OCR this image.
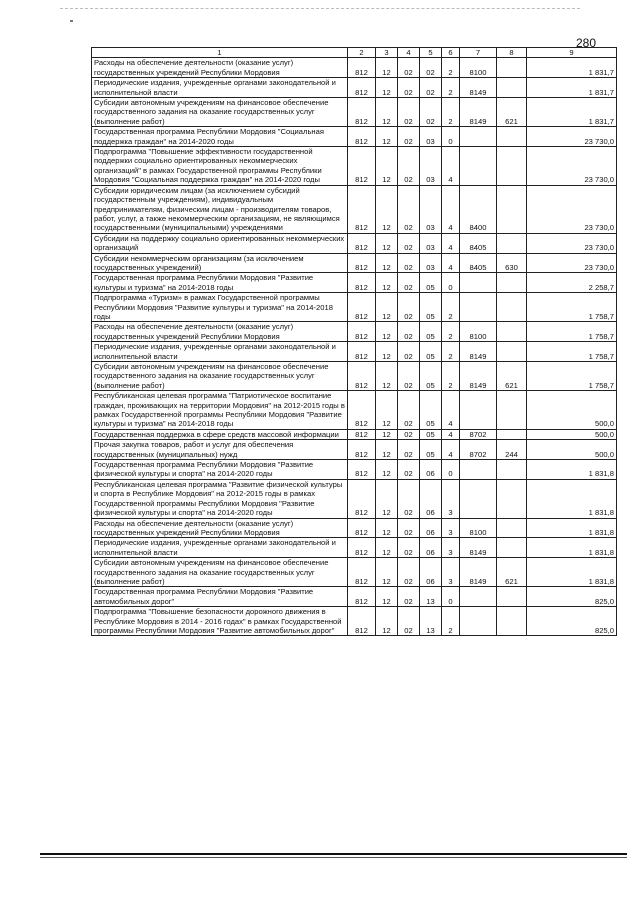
280
1	2	3	4	5	6	7	8	9
Расходы на обеспечение деятельности (оказание услуг) государственных учреждений Республики Мордовия	812	12	02	02	2	8100		1 831,7
Периодические издания, учрежденные органами законодательной и исполнительной власти	812	12	02	02	2	8149		1 831,7
Субсидии автономным учреждениям на финансовое обеспечение государственного задания на оказание государственных услуг (выполнение работ)	812	12	02	02	2	8149	621	1 831,7
Государственная программа Республики Мордовия "Социальная поддержка граждан" на 2014-2020 годы	812	12	02	03	0			23 730,0
Подпрограмма "Повышение эффективности государственной поддержки социально ориентированных некоммерческих организаций" в рамках Государственной программы Республики Мордовия "Социальная поддержка граждан" на 2014-2020 годы	812	12	02	03	4			23 730,0
Субсидии юридическим лицам (за исключением субсидий государственным учреждениям), индивидуальным предпринимателям, физическим лицам - производителям товаров, работ, услуг, а также некоммерческим организациям, не являющимся государственными (муниципальными) учреждениями	812	12	02	03	4	8400		23 730,0
Субсидии на поддержку социально ориентированных некоммерческих организаций	812	12	02	03	4	8405		23 730,0
Субсидии некоммерческим организациям (за исключением государственных учреждений)	812	12	02	03	4	8405	630	23 730,0
Государственная программа Республики Мордовия "Развитие культуры и туризма" на 2014-2018 годы	812	12	02	05	0			2 258,7
Подпрограмма «Туризм» в рамках Государственной программы Республики Мордовия "Развитие культуры и туризма" на 2014-2018 годы	812	12	02	05	2			1 758,7
Расходы на обеспечение деятельности (оказание услуг) государственных учреждений Республики Мордовия	812	12	02	05	2	8100		1 758,7
Периодические издания, учрежденные органами законодательной и исполнительной власти	812	12	02	05	2	8149		1 758,7
Субсидии автономным учреждениям на финансовое обеспечение государственного задания на оказание государственных услуг (выполнение работ)	812	12	02	05	2	8149	621	1 758,7
Республиканская целевая программа "Патриотическое воспитание граждан, проживающих на территории Мордовия" на 2012-2015 годы в рамках Государственной программы Республики Мордовия "Развитие культуры и туризма" на 2014-2018 годы	812	12	02	05	4			500,0
Государственная поддержка в сфере средств массовой информации	812	12	02	05	4	8702		500,0
Прочая закупка товаров, работ и услуг для обеспечения государственных (муниципальных) нужд	812	12	02	05	4	8702	244	500,0
Государственная программа Республики Мордовия "Развитие физической культуры и спорта" на 2014-2020 годы	812	12	02	06	0			1 831,8
Республиканская целевая программа "Развитие физической культуры и спорта в Республике Мордовия" на 2012-2015 годы в рамках Государственной программы Республики Мордовия "Развитие физической культуры и спорта" на 2014-2020 годы	812	12	02	06	3			1 831,8
Расходы на обеспечение деятельности (оказание услуг) государственных учреждений Республики Мордовия	812	12	02	06	3	8100		1 831,8
Периодические издания, учрежденные органами законодательной и исполнительной власти	812	12	02	06	3	8149		1 831,8
Субсидии автономным учреждениям на финансовое обеспечение государственного задания на оказание государственных услуг (выполнение работ)	812	12	02	06	3	8149	621	1 831,8
Государственная программа Республики Мордовия "Развитие автомобильных дорог"	812	12	02	13	0			825,0
Подпрограмма "Повышение безопасности дорожного движения в Республике Мордовия в 2014 - 2016 годах" в рамках Государственной программы Республики Мордовия "Развитие автомобильных дорог"	812	12	02	13	2			825,0
